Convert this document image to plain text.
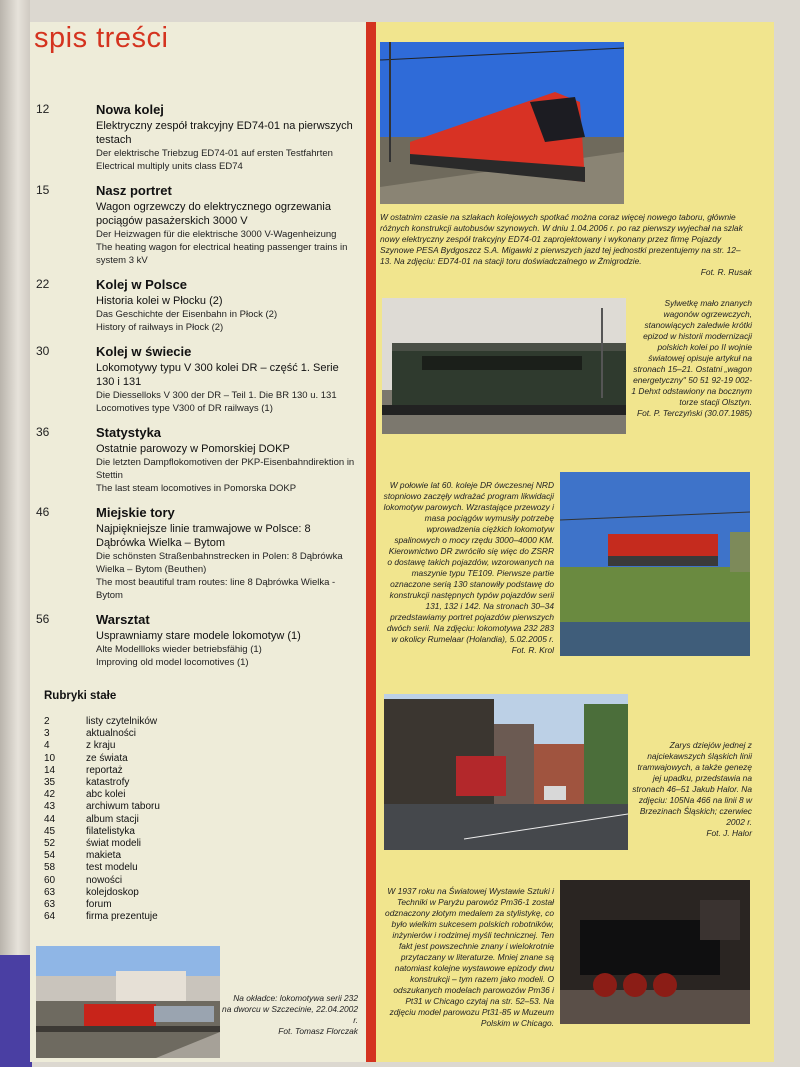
spis treści
12	Nowa kolej
Elektryczny zespół trakcyjny ED74-01 na pierwszych testach
Der elektrische Triebzug ED74-01 auf ersten Testfahrten
Electrical multiply units class ED74
15	Nasz portret
Wagon ogrzewczy do elektrycznego ogrzewania pociągów pasażerskich 3000 V
Der Heizwagen für die elektrische 3000 V-Wagenheizung
The heating wagon for electrical heating passenger trains in system 3 kV
22	Kolej w Polsce
Historia kolei w Płocku (2)
Das Geschichte der Eisenbahn in Płock (2)
History of railways in Płock (2)
30	Kolej w świecie
Lokomotywy typu V 300 kolei DR – część 1. Serie 130 i 131
Die Diesselloks V 300 der DR – Teil 1. Die BR 130 u. 131
Locomotives type V300 of DR railways (1)
36	Statystyka
Ostatnie parowozy w Pomorskiej DOKP
Die letzten Dampflokomotiven der PKP-Eisenbahndirektion in Stettin
The last steam locomotives in Pomorska DOKP
46	Miejskie tory
Najpiękniejsze linie tramwajowe w Polsce: 8 Dąbrówka Wielka – Bytom
Die schönsten Straßenbahnstrecken in Polen: 8 Dąbrówka Wielka – Bytom (Beuthen)
The most beautiful tram routes: line 8 Dąbrówka Wielka - Bytom
56	Warsztat
Usprawniamy stare modele lokomotyw (1)
Alte Modellloks wieder betriebsfähig (1)
Improving old model locomotives (1)
Rubryki stałe
2	listy czytelników
3	aktualności
4	z kraju
10	ze świata
14	reportaż
35	katastrofy
42	abc kolei
43	archiwum taboru
44	album stacji
45	filatelistyka
52	świat modeli
54	makieta
58	test modelu
60	nowości
63	kolejdoskop
63	forum
64	firma prezentuje
Na okładce: lokomotywa serii 232 na dworcu w Szczecinie, 22.04.2002 r.
Fot. Tomasz Florczak
W ostatnim czasie na szlakach kolejowych spotkać można coraz więcej nowego taboru, głównie różnych konstrukcji autobusów szynowych. W dniu 1.04.2006 r. po raz pierwszy wyjechał na szlak nowy elektryczny zespół trakcyjny ED74-01 zaprojektowany i wykonany przez firmę Pojazdy Szynowe PESA Bydgoszcz S.A. Migawki z pierwszych jazd tej jednostki prezentujemy na str. 12–13. Na zdjęciu: ED74-01 na stacji toru doświadczalnego w Żmigrodzie.
Fot. R. Rusak
Sylwetkę mało znanych wagonów ogrzewczych, stanowiących zaledwie krótki epizod w historii modernizacji polskich kolei po II wojnie światowej opisuje artykuł na stronach 15–21. Ostatni „wagon energetyczny" 50 51 92-19 002-1 Dehxt odstawiony na bocznym torze stacji Olsztyn.
Fot. P. Terczyński (30.07.1985)
W połowie lat 60. koleje DR ówczesnej NRD stopniowo zaczęły wdrażać program likwidacji lokomotyw parowych. Wzrastające przewozy i masa pociągów wymusiły potrzebę wprowadzenia ciężkich lokomotyw spalinowych o mocy rzędu 3000–4000 KM. Kierownictwo DR zwróciło się więc do ZSRR o dostawę takich pojazdów, wzorowanych na maszynie typu TE109. Pierwsze partie oznaczone serią 130 stanowiły podstawę do konstrukcji następnych typów pojazdów serii 131, 132 i 142. Na stronach 30–34 przedstawiamy portret pojazdów pierwszych dwóch serii. Na zdjęciu: lokomotywa 232 283 w okolicy Rumelaar (Holandia), 5.02.2005 r.
Fot. R. Krol
Zarys dziejów jednej z najciekawszych śląskich linii tramwajowych, a także genezę jej upadku, przedstawia na stronach 46–51 Jakub Halor. Na zdjęciu: 105Na 466 na linii 8 w Brzezinach Śląskich; czerwiec 2002 r.
Fot. J. Halor
W 1937 roku na Światowej Wystawie Sztuki i Techniki w Paryżu parowóz Pm36-1 został odznaczony złotym medalem za stylistykę, co było wielkim sukcesem polskich robotników, inżynierów i rodzimej myśli technicznej. Ten fakt jest powszechnie znany i wielokrotnie przytaczany w literaturze. Mniej znane są natomiast kolejne wystawowe epizody dwu konstrukcji – tym razem jako modeli. O odszukanych modelach parowozów Pm36 i Pt31 w Chicago czytaj na str. 52–53. Na zdjęciu model parowozu Pt31-85 w Muzeum Polskim w Chicago.
